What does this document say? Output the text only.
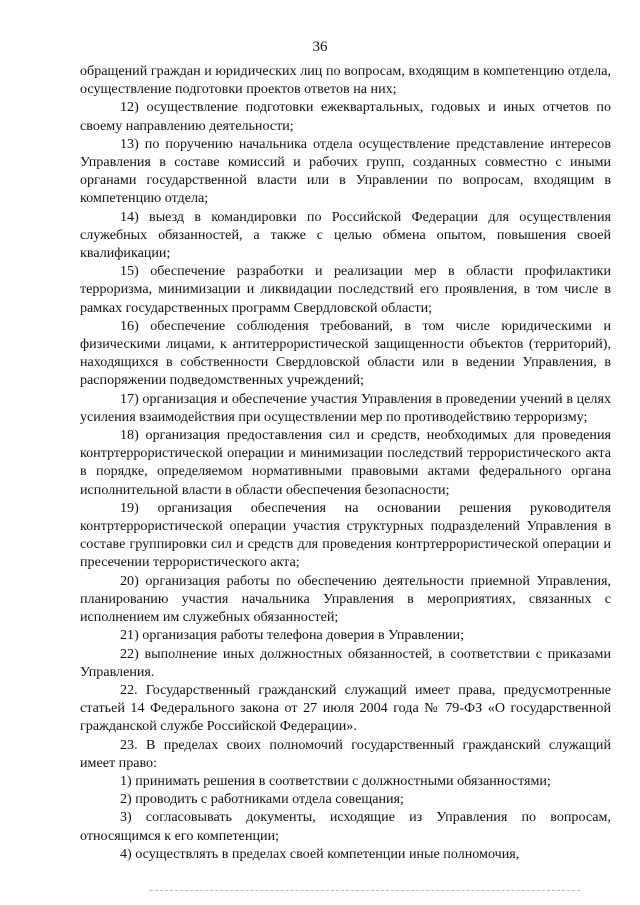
36

обращений граждан и юридических лиц по вопросам, входящим в компетенцию отдела, осуществление подготовки проектов ответов на них;

12) осуществление подготовки ежеквартальных, годовых и иных отчетов по своему направлению деятельности;

13) по поручению начальника отдела осуществление представление интересов Управления в составе комиссий и рабочих групп, созданных совместно с иными органами государственной власти или в Управлении по вопросам, входящим в компетенцию отдела;

14) выезд в командировки по Российской Федерации для осуществления служебных обязанностей, а также с целью обмена опытом, повышения своей квалификации;

15) обеспечение разработки и реализации мер в области профилактики терроризма, минимизации и ликвидации последствий его проявления, в том числе в рамках государственных программ Свердловской области;

16) обеспечение соблюдения требований, в том числе юридическими и физическими лицами, к антитеррористической защищенности объектов (территорий), находящихся в собственности Свердловской области или в ведении Управления, в распоряжении подведомственных учреждений;

17) организация и обеспечение участия Управления в проведении учений в целях усиления взаимодействия при осуществлении мер по противодействию терроризму;

18) организация предоставления сил и средств, необходимых для проведения контртеррористической операции и минимизации последствий террористического акта в порядке, определяемом нормативными правовыми актами федерального органа исполнительной власти в области обеспечения безопасности;

19) организация обеспечения на основании решения руководителя контртеррористической операции участия структурных подразделений Управления в составе группировки сил и средств для проведения контртеррористической операции и пресечении террористического акта;

20) организация работы по обеспечению деятельности приемной Управления, планированию участия начальника Управления в мероприятиях, связанных с исполнением им служебных обязанностей;

21) организация работы телефона доверия в Управлении;

22) выполнение иных должностных обязанностей, в соответствии с приказами Управления.

22. Государственный гражданский служащий имеет права, предусмотренные статьей 14 Федерального закона от 27 июля 2004 года № 79-ФЗ «О государственной гражданской службе Российской Федерации».

23. В пределах своих полномочий государственный гражданский служащий имеет право:

1) принимать решения в соответствии с должностными обязанностями;

2) проводить с работниками отдела совещания;

3) согласовывать документы, исходящие из Управления по вопросам, относящимся к его компетенции;

4) осуществлять в пределах своей компетенции иные полномочия,
